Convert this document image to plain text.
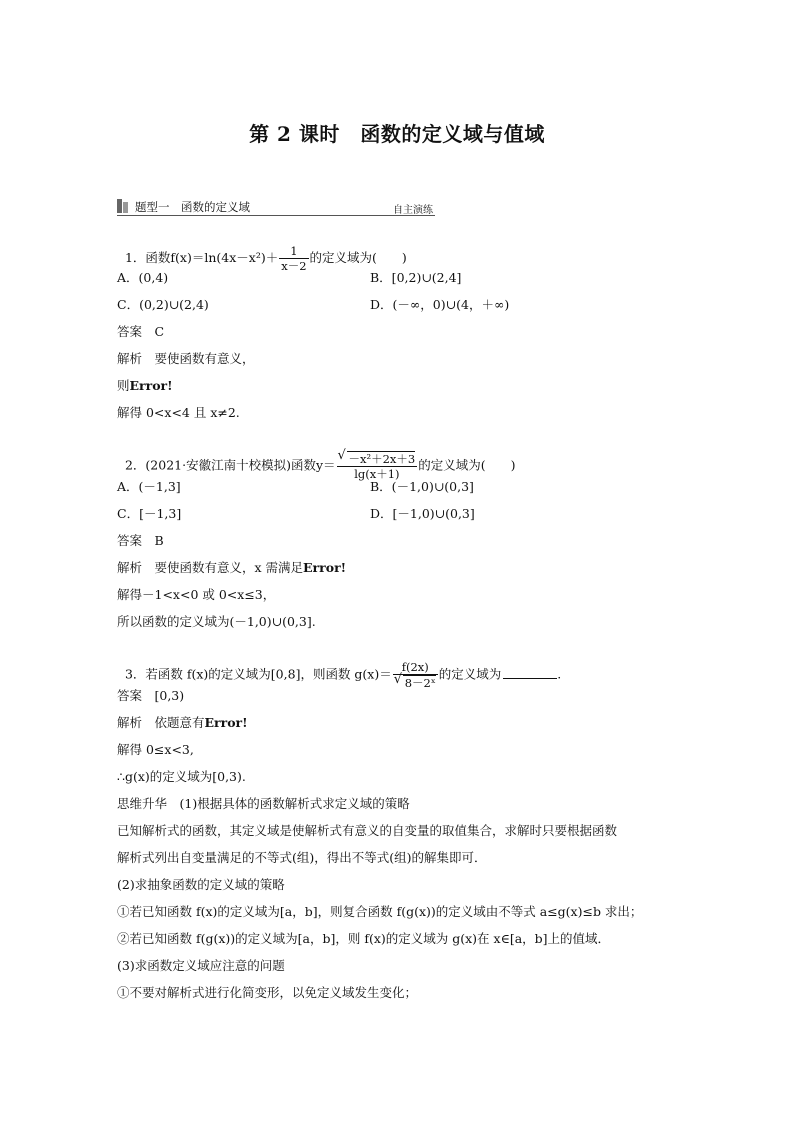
第 2 课时　函数的定义域与值域
题型一　函数的定义域	自主演练

1．函数$f(x)=\ln(4x-x^2)+ \frac{1}{x-2}$ 的定义域为(　　)

A．(0,4)	B．[0,2)∪(2,4]
C．(0,2)∪(2,4)	D．(－∞，0)∪(4，＋∞)
答案　C
解析　要使函数有意义，
则Error!
解得 0<x<4 且 x≠2.

2．(2021·安徽江南十校模拟)函数y＝
√ $\frac{\text{－x²＋2x＋3}}{\lg(x+1)}$ 的定义域为(　　)

A．(－1,3]	B．(－1,0)∪(0,3]
C．[－1,3]	D．[－1,0)∪(0,3]
答案　B
解析　要使函数有意义，x 需满足Error!
解得－1<x<0 或 0<x≤3，
所以函数的定义域为(－1,0)∪(0,3].

3．若函数 f(x)的定义域为[0,8]，则函数 g(x)＝ f(2x)
√ 8－2ˣ 的定义域为	.

答案　[0,3)
解析　依题意有Error!
解得 0≤x<3,
∴g(x)的定义域为[0,3).
思维升华　(1)根据具体的函数解析式求定义域的策略
已知解析式的函数，其定义域是使解析式有意义的自变量的取值集合，求解时只要根据函数
解析式列出自变量满足的不等式(组)，得出不等式(组)的解集即可．
(2)求抽象函数的定义域的策略
①若已知函数 f(x)的定义域为[a，b]，则复合函数 f(g(x))的定义域由不等式 a≤g(x)≤b 求出；
②若已知函数 f(g(x))的定义域为[a，b]，则 f(x)的定义域为 g(x)在 x∈[a，b]上的值域．
(3)求函数定义域应注意的问题
①不要对解析式进行化简变形，以免定义域发生变化；
